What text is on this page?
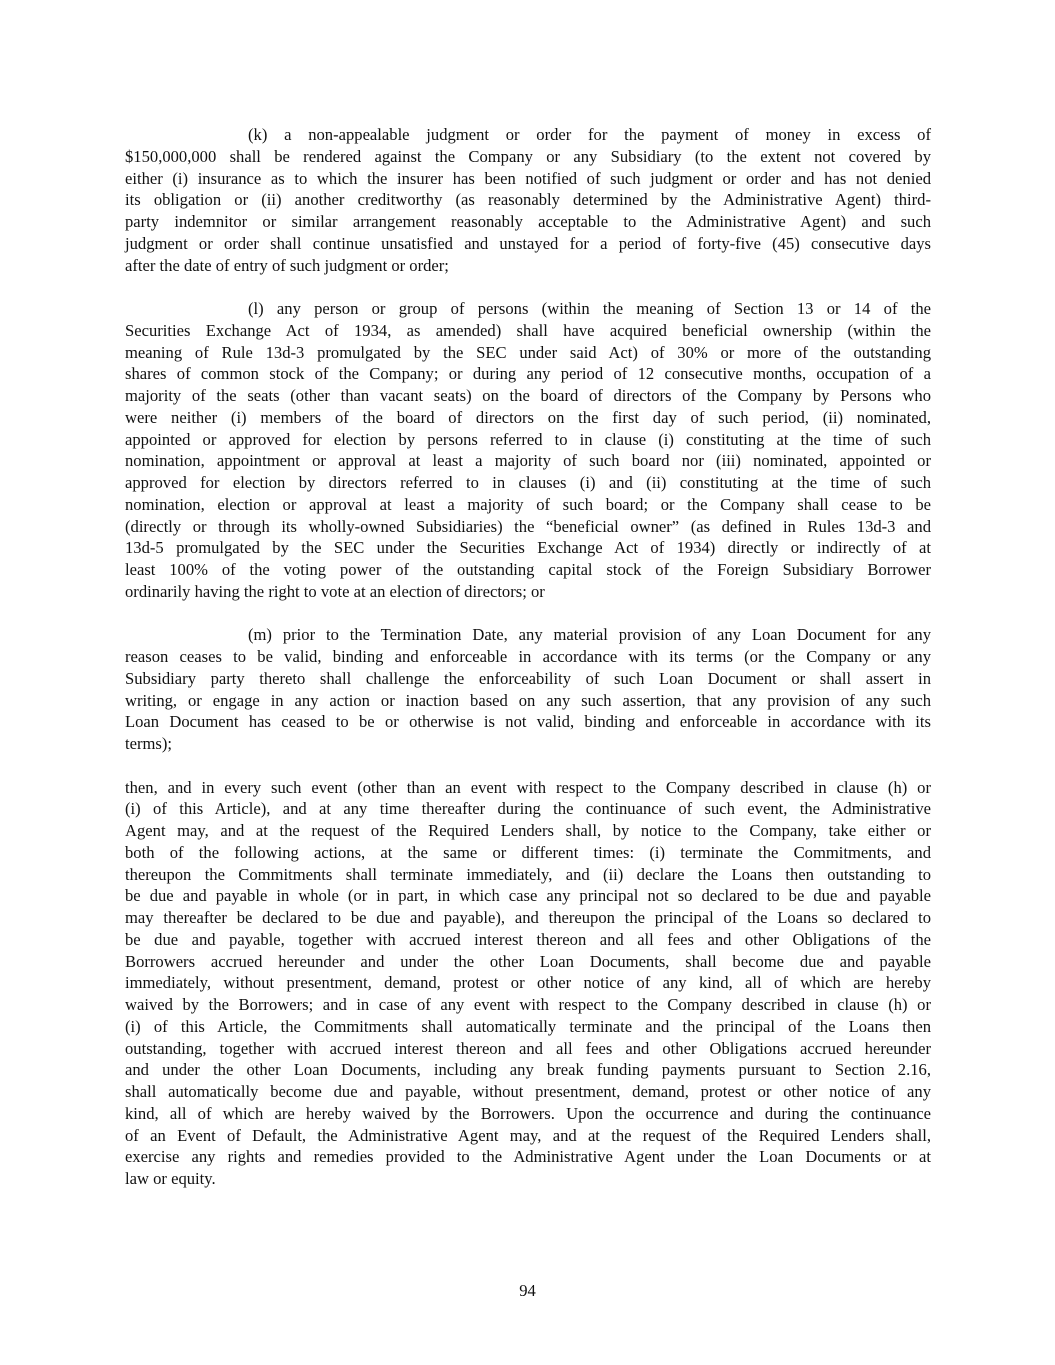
(k) a non-appealable judgment or order for the payment of money in excess of
$150,000,000 shall be rendered against the Company or any Subsidiary (to the extent not covered by
either (i) insurance as to which the insurer has been notified of such judgment or order and has not denied
its obligation or (ii) another creditworthy (as reasonably determined by the Administrative Agent) third-
party indemnitor or similar arrangement reasonably acceptable to the Administrative Agent) and such
judgment or order shall continue unsatisfied and unstayed for a period of forty-five (45) consecutive days
after the date of entry of such judgment or order;
(l) any person or group of persons (within the meaning of Section 13 or 14 of the
Securities Exchange Act of 1934, as amended) shall have acquired beneficial ownership (within the
meaning of Rule 13d-3 promulgated by the SEC under said Act) of 30% or more of the outstanding
shares of common stock of the Company; or during any period of 12 consecutive months, occupation of a
majority of the seats (other than vacant seats) on the board of directors of the Company by Persons who
were neither (i) members of the board of directors on the first day of such period, (ii) nominated,
appointed or approved for election by persons referred to in clause (i) constituting at the time of such
nomination, appointment or approval at least a majority of such board nor (iii) nominated, appointed or
approved for election by directors referred to in clauses (i) and (ii) constituting at the time of such
nomination, election or approval at least a majority of such board; or the Company shall cease to be
(directly or through its wholly-owned Subsidiaries) the “beneficial owner” (as defined in Rules 13d-3 and
13d-5 promulgated by the SEC under the Securities Exchange Act of 1934) directly or indirectly of at
least 100% of the voting power of the outstanding capital stock of the Foreign Subsidiary Borrower
ordinarily having the right to vote at an election of directors; or
(m) prior to the Termination Date, any material provision of any Loan Document for any
reason ceases to be valid, binding and enforceable in accordance with its terms (or the Company or any
Subsidiary party thereto shall challenge the enforceability of such Loan Document or shall assert in
writing, or engage in any action or inaction based on any such assertion, that any provision of any such
Loan Document has ceased to be or otherwise is not valid, binding and enforceable in accordance with its
terms);
then, and in every such event (other than an event with respect to the Company described in clause (h) or
(i) of this Article), and at any time thereafter during the continuance of such event, the Administrative
Agent may, and at the request of the Required Lenders shall, by notice to the Company, take either or
both of the following actions, at the same or different times: (i) terminate the Commitments, and
thereupon the Commitments shall terminate immediately, and (ii) declare the Loans then outstanding to
be due and payable in whole (or in part, in which case any principal not so declared to be due and payable
may thereafter be declared to be due and payable), and thereupon the principal of the Loans so declared to
be due and payable, together with accrued interest thereon and all fees and other Obligations of the
Borrowers accrued hereunder and under the other Loan Documents, shall become due and payable
immediately, without presentment, demand, protest or other notice of any kind, all of which are hereby
waived by the Borrowers; and in case of any event with respect to the Company described in clause (h) or
(i) of this Article, the Commitments shall automatically terminate and the principal of the Loans then
outstanding, together with accrued interest thereon and all fees and other Obligations accrued hereunder
and under the other Loan Documents, including any break funding payments pursuant to Section 2.16,
shall automatically become due and payable, without presentment, demand, protest or other notice of any
kind, all of which are hereby waived by the Borrowers. Upon the occurrence and during the continuance
of an Event of Default, the Administrative Agent may, and at the request of the Required Lenders shall,
exercise any rights and remedies provided to the Administrative Agent under the Loan Documents or at
law or equity.
94
